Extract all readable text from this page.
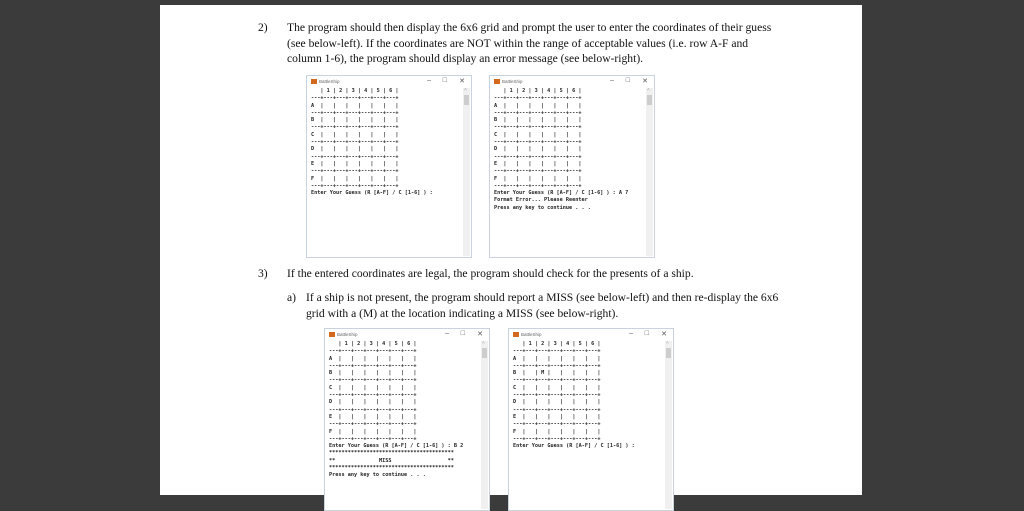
2) The program should then display the 6x6 grid and prompt the user to enter the coordinates of their guess
(see below-left). If the coordinates are NOT within the range of acceptable values (i.e. row A-F and
column 1-6), the program should display an error message (see below-right).
3) If the entered coordinates are legal, the program should check for the presents of a ship.
a) If a ship is not present, the program should report a MISS (see below-left) and then re-display the 6x6
grid with a (M) at the location indicating a MISS (see below-right).
BattleShip	– □ ✕
| 1 | 2 | 3 | 4 | 5 | 6 |
---+---+---+---+---+---+---+
A  |   |   |   |   |   |   |
---+---+---+---+---+---+---+
B  |   |   |   |   |   |   |
---+---+---+---+---+---+---+
C  |   |   |   |   |   |   |
---+---+---+---+---+---+---+
D  |   |   |   |   |   |   |
---+---+---+---+---+---+---+
E  |   |   |   |   |   |   |
---+---+---+---+---+---+---+
F  |   |   |   |   |   |   |
---+---+---+---+---+---+---+
Enter Your Guess (R [A-F] / C [1-6] ) :
˄
BattleShip	– □ ✕
| 1 | 2 | 3 | 4 | 5 | 6 |
---+---+---+---+---+---+---+
A  |   |   |   |   |   |   |
---+---+---+---+---+---+---+
B  |   |   |   |   |   |   |
---+---+---+---+---+---+---+
C  |   |   |   |   |   |   |
---+---+---+---+---+---+---+
D  |   |   |   |   |   |   |
---+---+---+---+---+---+---+
E  |   |   |   |   |   |   |
---+---+---+---+---+---+---+
F  |   |   |   |   |   |   |
---+---+---+---+---+---+---+
Enter Your Guess (R [A-F] / C [1-6] ) : A 7
Format Error... Please Reenter
Press any key to continue . . .
˄
BattleShip	– □ ✕
| 1 | 2 | 3 | 4 | 5 | 6 |
---+---+---+---+---+---+---+
A  |   |   |   |   |   |   |
---+---+---+---+---+---+---+
B  |   |   |   |   |   |   |
---+---+---+---+---+---+---+
C  |   |   |   |   |   |   |
---+---+---+---+---+---+---+
D  |   |   |   |   |   |   |
---+---+---+---+---+---+---+
E  |   |   |   |   |   |   |
---+---+---+---+---+---+---+
F  |   |   |   |   |   |   |
---+---+---+---+---+---+---+
Enter Your Guess (R [A-F] / C [1-6] ) : B 2
****************************************
**              MISS                  **
****************************************
Press any key to continue . . .
˄
BattleShip	– □ ✕
| 1 | 2 | 3 | 4 | 5 | 6 |
---+---+---+---+---+---+---+
A  |   |   |   |   |   |   |
---+---+---+---+---+---+---+
B  |   | M |   |   |   |   |
---+---+---+---+---+---+---+
C  |   |   |   |   |   |   |
---+---+---+---+---+---+---+
D  |   |   |   |   |   |   |
---+---+---+---+---+---+---+
E  |   |   |   |   |   |   |
---+---+---+---+---+---+---+
F  |   |   |   |   |   |   |
---+---+---+---+---+---+---+
Enter Your Guess (R [A-F] / C [1-6] ) :
˄
